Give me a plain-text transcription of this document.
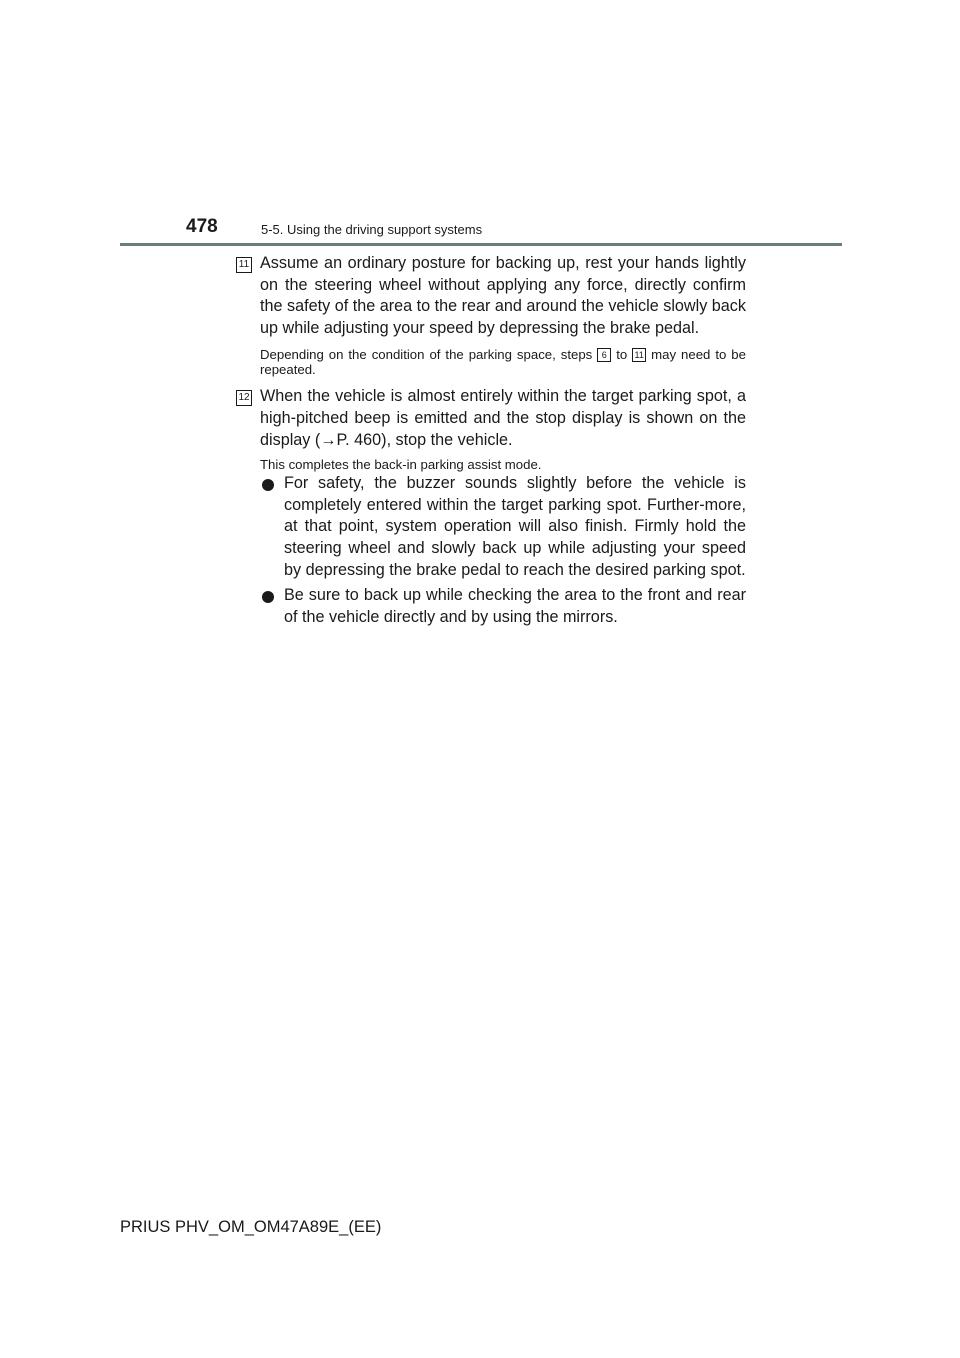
478	5-5. Using the driving support systems
11 Assume an ordinary posture for backing up, rest your hands lightly on the steering wheel without applying any force, directly confirm the safety of the area to the rear and around the vehicle slowly back up while adjusting your speed by depressing the brake pedal.

Depending on the condition of the parking space, steps 6 to 11 may need to be repeated.

12 When the vehicle is almost entirely within the target parking spot, a high-pitched beep is emitted and the stop display is shown on the display (→P. 460), stop the vehicle.

This completes the back-in parking assist mode.

For safety, the buzzer sounds slightly before the vehicle is completely entered within the target parking spot. Further-more, at that point, system operation will also finish. Firmly hold the steering wheel and slowly back up while adjusting your speed by depressing the brake pedal to reach the desired parking spot.

Be sure to back up while checking the area to the front and rear of the vehicle directly and by using the mirrors.

PRIUS PHV_OM_OM47A89E_(EE)
